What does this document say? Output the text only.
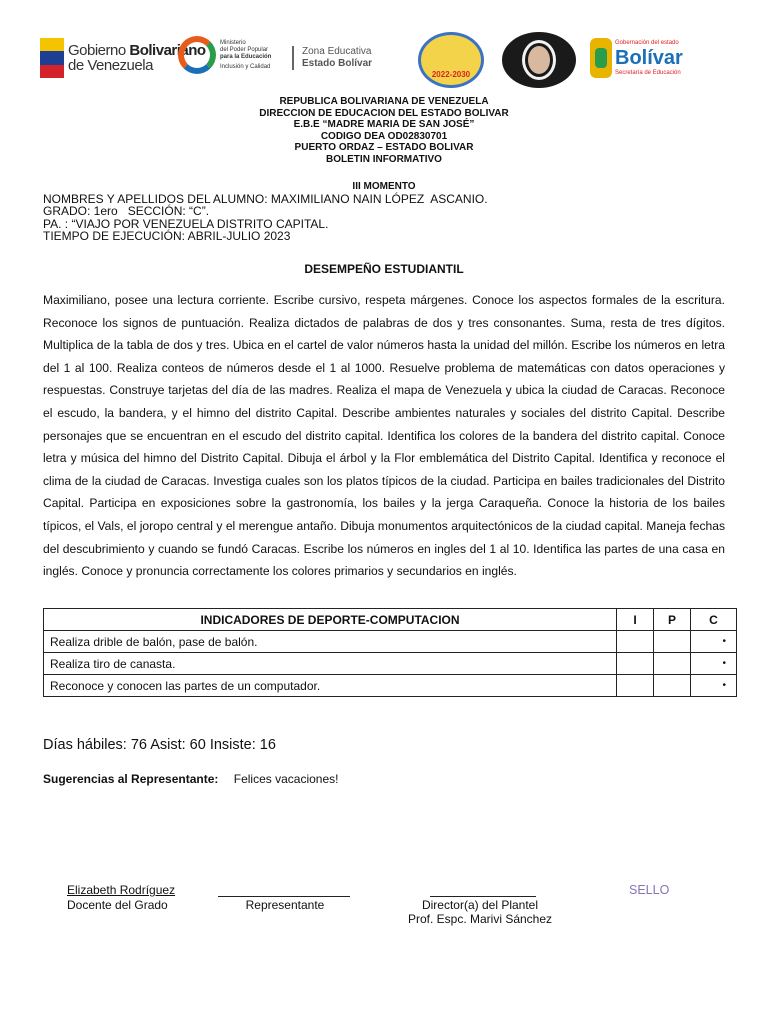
Gobierno Bolivariano
de Venezuela
Ministerio
del Poder Popular
para la Educación
Inclusión y Calidad
Zona Educativa
Estado Bolívar
2022-2030
Gobernación del estado
Bolívar
Secretaría de Educación
REPUBLICA BOLIVARIANA DE VENEZUELA
DIRECCION DE EDUCACION DEL ESTADO BOLIVAR
E.B.E “MADRE MARIA DE SAN JOSÉ”
CODIGO DEA OD02830701
PUERTO ORDAZ – ESTADO BOLIVAR
BOLETIN INFORMATIVO
III MOMENTO
NOMBRES Y APELLIDOS DEL ALUMNO: MAXIMILIANO NAIN LÓPEZ  ASCANIO.
GRADO: 1ero   SECCIÓN: “C”.
PA. : “VIAJO POR VENEZUELA DISTRITO CAPITAL.
TIEMPO DE EJECUCIÓN: ABRIL-JULIO 2023
DESEMPEÑO ESTUDIANTIL
Maximiliano, posee una lectura corriente. Escribe cursivo, respeta márgenes. Conoce los aspectos formales de la escritura. Reconoce los signos de puntuación. Realiza dictados de palabras de dos y tres consonantes. Suma, resta de tres dígitos. Multiplica de la tabla de dos y tres. Ubica en el cartel de valor números hasta la unidad del millón. Escribe los números en letra del 1 al 100. Realiza conteos de números desde el 1 al 1000. Resuelve problema de matemáticas con datos operaciones y respuestas. Construye tarjetas del día de las madres. Realiza el mapa de Venezuela y ubica la ciudad de Caracas. Reconoce el escudo, la bandera, y el himno del distrito Capital. Describe ambientes naturales y sociales del distrito Capital. Describe personajes que se encuentran en el escudo del distrito capital. Identifica los colores de la bandera del distrito capital. Conoce letra y música del himno del Distrito Capital. Dibuja el árbol y la Flor emblemática del Distrito Capital. Identifica y reconoce el clima de la ciudad de Caracas. Investiga cuales son los platos típicos de la ciudad. Participa en bailes tradicionales del Distrito Capital. Participa en exposiciones sobre la gastronomía, los bailes y la jerga Caraqueña. Conoce la historia de los bailes típicos, el Vals, el joropo central y el merengue antaño. Dibuja monumentos arquitectónicos de la ciudad capital. Maneja fechas del descubrimiento y cuando se fundó Caracas. Escribe los números en ingles del 1 al 10. Identifica las partes de una casa en inglés. Conoce y pronuncia correctamente los colores primarios y secundarios en inglés.
INDICADORES DE DEPORTE-COMPUTACION	I	P	C
Realiza drible de balón, pase de balón.			•
Realiza tiro de canasta.			•
Reconoce y conocen las partes de un computador.			•
Días hábiles: 76 Asist: 60 Insiste: 16
Sugerencias al Representante: Felices vacaciones!
Elizabeth Rodríguez
Docente del Grado	Representante	Director(a) del Plantel
Prof. Espc. Marivi Sánchez
SELLO
